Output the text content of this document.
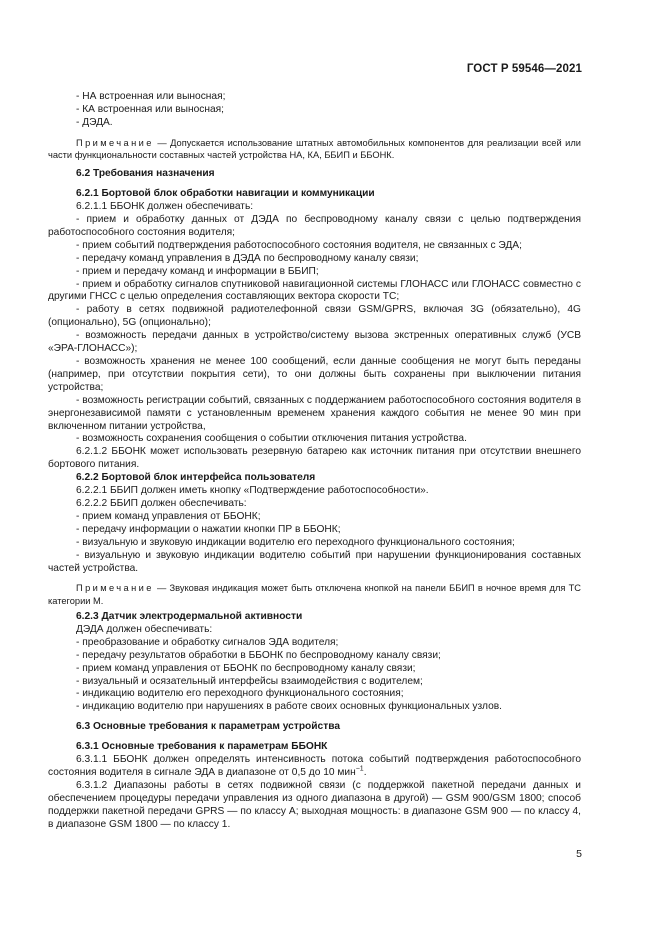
ГОСТ Р 59546—2021

- НА встроенная или выносная;

- КА встроенная или выносная;

- ДЭДА.

Примечание — Допускается использование штатных автомобильных компонентов для реализации всей или части функциональности составных частей устройства НА, КА, ББИП и ББОНК.

6.2 Требования назначения

6.2.1 Бортовой блок обработки навигации и коммуникации

6.2.1.1 ББОНК должен обеспечивать:

- прием и обработку данных от ДЭДА по беспроводному каналу связи с целью подтверждения работоспособного состояния водителя;

- прием событий подтверждения работоспособного состояния водителя, не связанных с ЭДА;

- передачу команд управления в ДЭДА по беспроводному каналу связи;

- прием и передачу команд и информации в ББИП;

- прием и обработку сигналов спутниковой навигационной системы ГЛОНАСС или ГЛОНАСС совместно с другими ГНСС с целью определения составляющих вектора скорости ТС;

- работу в сетях подвижной радиотелефонной связи GSM/GPRS, включая 3G (обязательно), 4G (опционально), 5G (опционально);

- возможность передачи данных в устройство/систему вызова экстренных оперативных служб (УСВ «ЭРА-ГЛОНАСС»);

- возможность хранения не менее 100 сообщений, если данные сообщения не могут быть переданы (например, при отсутствии покрытия сети), то они должны быть сохранены при выключении питания устройства;

- возможность регистрации событий, связанных с поддержанием работоспособного состояния водителя в энергонезависимой памяти с установленным временем хранения каждого события не менее 90 мин при включенном питании устройства,

- возможность сохранения сообщения о событии отключения питания устройства.

6.2.1.2 ББОНК может использовать резервную батарею как источник питания при отсутствии внешнего бортового питания.

6.2.2 Бортовой блок интерфейса пользователя

6.2.2.1 ББИП должен иметь кнопку «Подтверждение работоспособности».

6.2.2.2 ББИП должен обеспечивать:

- прием команд управления от ББОНК;

- передачу информации о нажатии кнопки ПР в ББОНК;

- визуальную и звуковую индикации водителю его переходного функционального состояния;

- визуальную и звуковую индикации водителю событий при нарушении функционирования составных частей устройства.

Примечание — Звуковая индикация может быть отключена кнопкой на панели ББИП в ночное время для ТС категории М.

6.2.3 Датчик электродермальной активности

ДЭДА должен обеспечивать:

- преобразование и обработку сигналов ЭДА водителя;

- передачу результатов обработки в ББОНК по беспроводному каналу связи;

- прием команд управления от ББОНК по беспроводному каналу связи;

- визуальный и осязательный интерфейсы взаимодействия с водителем;

- индикацию водителю его переходного функционального состояния;

- индикацию водителю при нарушениях в работе своих основных функциональных узлов.

6.3 Основные требования к параметрам устройства

6.3.1 Основные требования к параметрам ББОНК

6.3.1.1 ББОНК должен определять интенсивность потока событий подтверждения работоспособного состояния водителя в сигнале ЭДА в диапазоне от 0,5 до 10 мин$^{-1}$.

6.3.1.2 Диапазоны работы в сетях подвижной связи (с поддержкой пакетной передачи данных и обеспечением процедуры передачи управления из одного диапазона в другой) — GSM 900/GSM 1800; способ поддержки пакетной передачи GPRS — по классу А; выходная мощность: в диапазоне GSM 900 — по классу 4, в диапазоне GSM 1800 — по классу 1.

5
